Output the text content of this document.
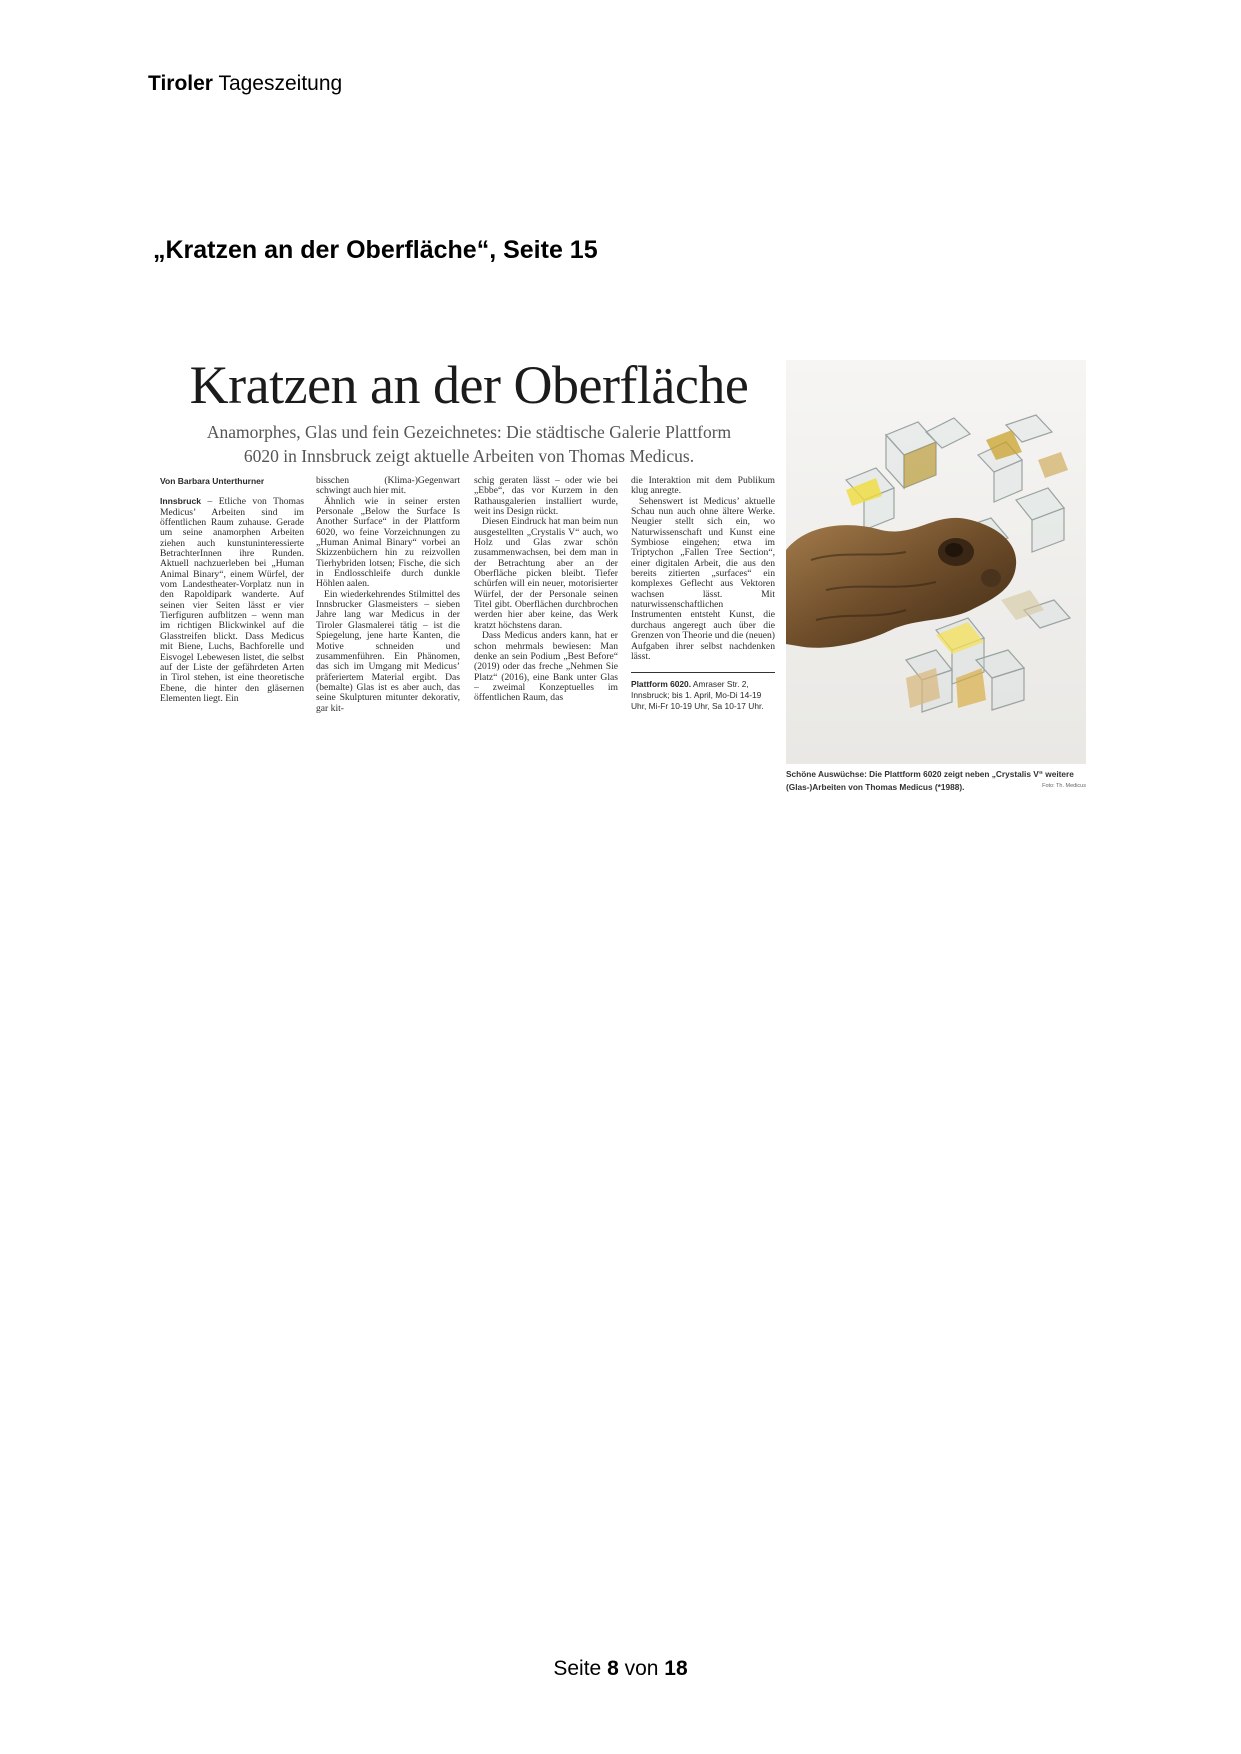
Tiroler Tageszeitung
„Kratzen an der Oberfläche“, Seite 15
Kratzen an der Oberfläche
Anamorphes, Glas und fein Gezeichnetes: Die städtische Galerie Plattform
6020 in Innsbruck zeigt aktuelle Arbeiten von Thomas Medicus.

Von Barbara Unterthurner

Innsbruck – Etliche von Thomas Medicus’ Arbeiten sind im öffentlichen Raum zuhause. Gerade um seine anamorphen Arbeiten ziehen auch kunstuninteressierte BetrachterInnen ihre Runden. Aktuell nachzuerleben bei „Human Animal Binary“, einem Würfel, der vom Landestheater-Vorplatz nun in den Rapoldipark wanderte. Auf seinen vier Seiten lässt er vier Tierfiguren aufblitzen – wenn man im richtigen Blickwinkel auf die Glasstreifen blickt. Dass Medicus mit Biene, Luchs, Bachforelle und Eisvogel Lebewesen listet, die selbst auf der Liste der gefährdeten Arten in Tirol stehen, ist eine theoretische Ebene, die hinter den gläsernen Elementen liegt. Ein

bisschen (Klima-)Gegenwart schwingt auch hier mit.

Ähnlich wie in seiner ersten Personale „Below the Surface Is Another Surface“ in der Plattform 6020, wo feine Vorzeichnungen zu „Human Animal Binary“ vorbei an Skizzenbüchern hin zu reizvollen Tierhybriden lotsen; Fische, die sich in Endlosschleife durch dunkle Höhlen aalen.

Ein wiederkehrendes Stilmittel des Innsbrucker Glasmeisters – sieben Jahre lang war Medicus in der Tiroler Glasmalerei tätig – ist die Spiegelung, jene harte Kanten, die Motive schneiden und zusammenführen. Ein Phänomen, das sich im Umgang mit Medicus’ präferiertem Material ergibt. Das (bemalte) Glas ist es aber auch, das seine Skulpturen mitunter dekorativ, gar kit-

schig geraten lässt – oder wie bei „Ebbe“, das vor Kurzem in den Rathausgalerien installiert wurde, weit ins Design rückt.

Diesen Eindruck hat man beim nun ausgestellten „Crystalis V“ auch, wo Holz und Glas zwar schön zusammenwachsen, bei dem man in der Betrachtung aber an der Oberfläche picken bleibt. Tiefer schürfen will ein neuer, motorisierter Würfel, der der Personale seinen Titel gibt. Oberflächen durchbrochen werden hier aber keine, das Werk kratzt höchstens daran.

Dass Medicus anders kann, hat er schon mehrmals bewiesen: Man denke an sein Podium „Best Before“ (2019) oder das freche „Nehmen Sie Platz“ (2016), eine Bank unter Glas – zweimal Konzeptuelles im öffentlichen Raum, das

die Interaktion mit dem Publikum klug anregte.

Sehenswert ist Medicus’ aktuelle Schau nun auch ohne ältere Werke. Neugier stellt sich ein, wo Naturwissenschaft und Kunst eine Symbiose eingehen; etwa im Triptychon „Fallen Tree Section“, einer digitalen Arbeit, die aus den bereits zitierten „surfaces“ ein komplexes Geflecht aus Vektoren wachsen lässt. Mit naturwissenschaftlichen Instrumenten entsteht Kunst, die durchaus angeregt auch über die Grenzen von Theorie und die (neuen) Aufgaben ihrer selbst nachdenken lässt.

Plattform 6020. Amraser Str. 2, Innsbruck; bis 1. April, Mo-Di 14-19 Uhr, Mi-Fr 10-19 Uhr, Sa 10-17 Uhr.

Schöne Auswüchse: Die Plattform 6020 zeigt neben „Crystalis V“ weitere (Glas-)Arbeiten von Thomas Medicus (*1988).	Foto: Th. Medicus
Seite 8 von 18
